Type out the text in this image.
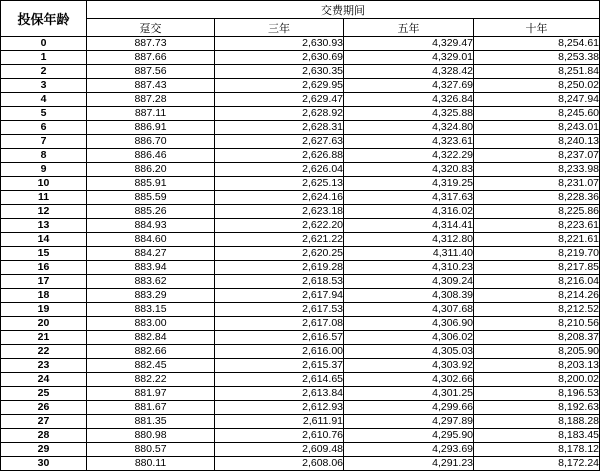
投保年龄	交费期间			
	趸交	三年	五年	十年
0	887.73	2,630.93	4,329.47	8,254.61
1	887.66	2,630.69	4,329.01	8,253.38
2	887.56	2,630.35	4,328.42	8,251.84
3	887.43	2,629.95	4,327.69	8,250.02
4	887.28	2,629.47	4,326.84	8,247.94
5	887.11	2,628.92	4,325.88	8,245.60
6	886.91	2,628.31	4,324.80	8,243.01
7	886.70	2,627.63	4,323.61	8,240.13
8	886.46	2,626.88	4,322.29	8,237.07
9	886.20	2,626.04	4,320.83	8,233.98
10	885.91	2,625.13	4,319.25	8,231.07
11	885.59	2,624.16	4,317.63	8,228.36
12	885.26	2,623.18	4,316.02	8,225.86
13	884.93	2,622.20	4,314.41	8,223.61
14	884.60	2,621.22	4,312.80	8,221.61
15	884.27	2,620.25	4,311.40	8,219.70
16	883.94	2,619.28	4,310.23	8,217.85
17	883.62	2,618.53	4,309.24	8,216.04
18	883.29	2,617.94	4,308.39	8,214.26
19	883.15	2,617.53	4,307.68	8,212.52
20	883.00	2,617.08	4,306.90	8,210.56
21	882.84	2,616.57	4,306.02	8,208.37
22	882.66	2,616.00	4,305.03	8,205.90
23	882.45	2,615.37	4,303.92	8,203.13
24	882.22	2,614.65	4,302.66	8,200.02
25	881.97	2,613.84	4,301.25	8,196.53
26	881.67	2,612.93	4,299.66	8,192.63
27	881.35	2,611.91	4,297.89	8,188.28
28	880.98	2,610.76	4,295.90	8,183.45
29	880.57	2,609.48	4,293.69	8,178.12
30	880.11	2,608.06	4,291.23	8,172.24
